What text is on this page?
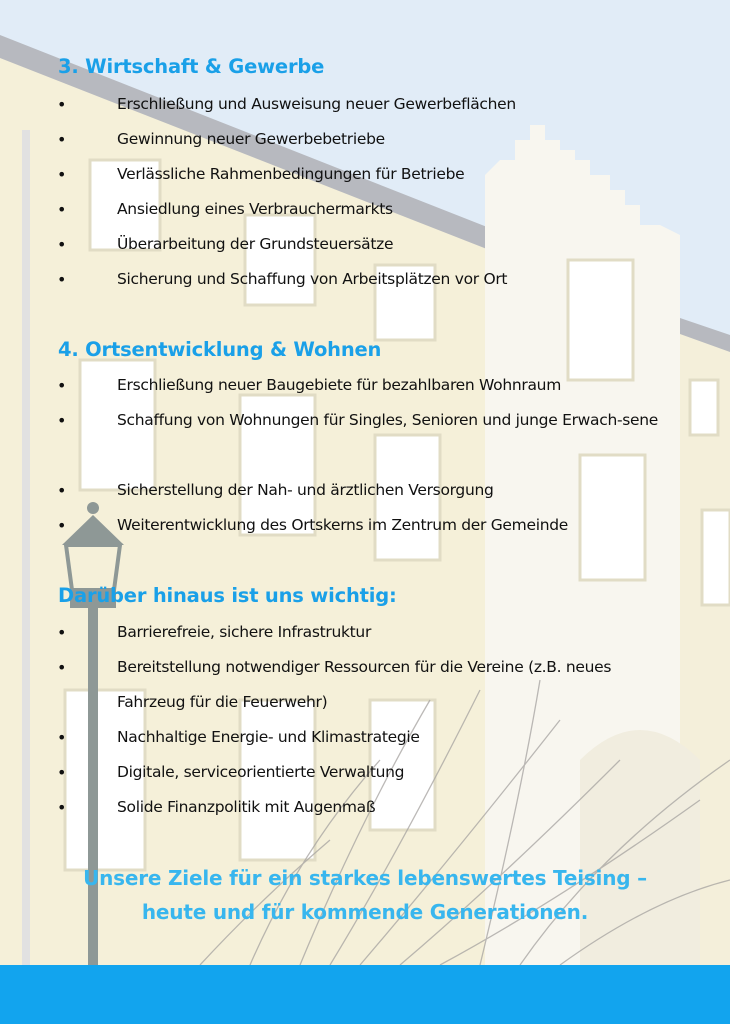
3. Wirtschaft & Gewerbe
•	Erschließung und Ausweisung neuer Gewerbeflächen
•	Gewinnung neuer Gewerbebetriebe
•	Verlässliche Rahmenbedingungen für Betriebe
•	Ansiedlung eines Verbrauchermarkts
•	Überarbeitung der Grundsteuersätze
•	Sicherung und Schaffung von Arbeitsplätzen vor Ort
4. Ortsentwicklung & Wohnen
•	Erschließung neuer Baugebiete für bezahlbaren Wohnraum
•	Schaffung von Wohnungen für Singles, Senioren und junge Erwach-sene
•	Sicherstellung der Nah- und ärztlichen Versorgung
•	Weiterentwicklung des Ortskerns im Zentrum der Gemeinde
Darüber hinaus ist uns wichtig:
•	Barrierefreie, sichere Infrastruktur
•	Bereitstellung notwendiger Ressourcen für die Vereine (z.B. neues Fahrzeug für die Feuerwehr)
•	Nachhaltige Energie- und Klimastrategie
•	Digitale, serviceorientierte Verwaltung
•	Solide Finanzpolitik mit Augenmaß

Unsere Ziele für ein starkes lebenswertes Teising –

heute und für kommende Generationen.
